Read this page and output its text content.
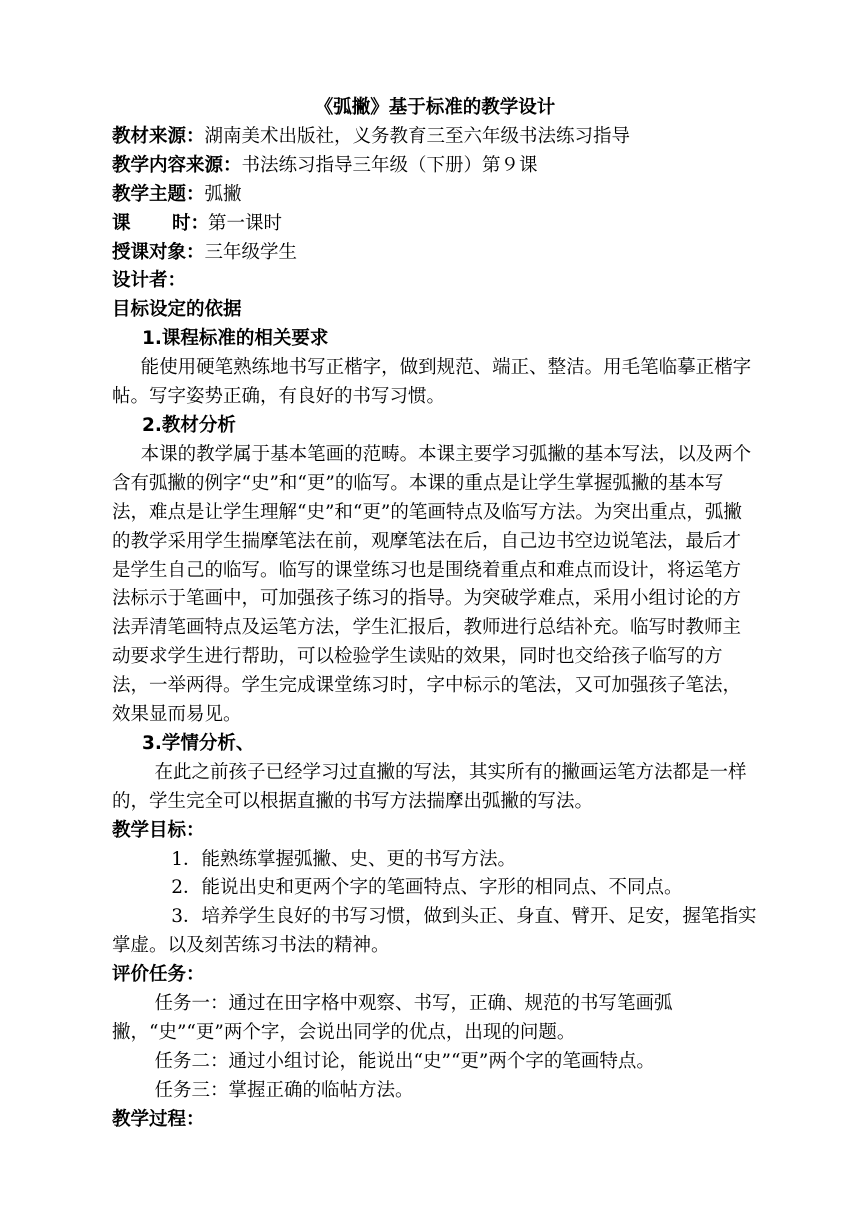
《弧撇》基于标准的教学设计

教材来源：湖南美术出版社，义务教育三至六年级书法练习指导

教学内容来源：书法练习指导三年级（下册）第９课

教学主题：弧撇

课 时：第一课时

授课对象：三年级学生

设计者：

目标设定的依据

1.课程标准的相关要求

能使用硬笔熟练地书写正楷字，做到规范、端正、整洁。用毛笔临摹正楷字帖。写字姿势正确，有良好的书写习惯。

2.教材分析

本课的教学属于基本笔画的范畴。本课主要学习弧撇的基本写法，以及两个含有弧撇的例字“史”和“更”的临写。本课的重点是让学生掌握弧撇的基本写法，难点是让学生理解“史”和“更”的笔画特点及临写方法。为突出重点，弧撇的教学采用学生揣摩笔法在前，观摩笔法在后，自己边书空边说笔法，最后才是学生自己的临写。临写的课堂练习也是围绕着重点和难点而设计，将运笔方法标示于笔画中，可加强孩子练习的指导。为突破学难点，采用小组讨论的方法弄清笔画特点及运笔方法，学生汇报后，教师进行总结补充。临写时教师主动要求学生进行帮助，可以检验学生读贴的效果，同时也交给孩子临写的方法，一举两得。学生完成课堂练习时，字中标示的笔法，又可加强孩子笔法，效果显而易见。

3.学情分析、

在此之前孩子已经学习过直撇的写法，其实所有的撇画运笔方法都是一样的，学生完全可以根据直撇的书写方法揣摩出弧撇的写法。

教学目标：

1．能熟练掌握弧撇、史、更的书写方法。

2．能说出史和更两个字的笔画特点、字形的相同点、不同点。

3．培养学生良好的书写习惯，做到头正、身直、臂开、足安，握笔指实掌虚。以及刻苦练习书法的精神。

评价任务：

任务一：通过在田字格中观察、书写，正确、规范的书写笔画弧撇，“史”“更”两个字，会说出同学的优点，出现的问题。

任务二：通过小组讨论，能说出“史”“更”两个字的笔画特点。

任务三：掌握正确的临帖方法。

教学过程：
